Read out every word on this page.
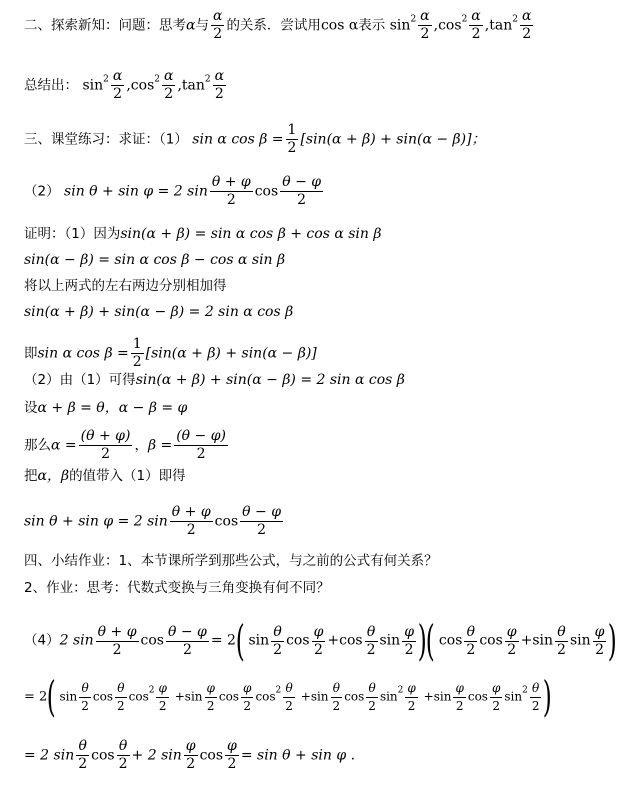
二、探索新知：问题：思考α与 $\frac{\alpha}{2}$ 的关系．尝试用cos α表示 $\sin^2 \frac{\alpha}{2} ,\cos^2 \frac{\alpha}{2} ,\tan^2 \frac{\alpha}{2}$
总结出： $\sin^2 \frac{\alpha}{2} ,\cos^2 \frac{\alpha}{2} ,\tan^2 \frac{\alpha}{2}$
三、课堂练习：求证：（1） sin α $\cos \beta = \frac{1}{2} [\sin(\alpha + \beta) + \sin(\alpha - \beta)]$；
（2） sin θ + sin φ = 2 $\sin \frac{\theta + \varphi}{2}$ $\cos \frac{\theta - \varphi}{2}$
证明：（1）因为sin(α + β) = sin α cos β + cos α sin β
sin(α − β) = sin α cos β − cos α sin β
将以上两式的左右两边分别相加得
sin(α + β) + sin(α − β) = 2 sin α cos β
即sin α $\cos \beta = \frac{1}{2} [\sin(\alpha + \beta) + \sin(\alpha - \beta)]$
（2）由（1）可得sin(α + β) + sin(α − β) = 2 sin α cos β
设α + β = θ，α − β = φ
那么$\alpha = \frac{(\theta + \varphi)}{2}$ ，$\beta = \frac{(\theta - \varphi)}{2}$
把α，β的值带入（1）即得
sin θ + sin φ = 2 $\sin \frac{\theta + \varphi}{2}$ $\cos \frac{\theta - \varphi}{2}$
四、小结作业：1、本节课所学到那些公式，与之前的公式有何关系？
2、作业：思考：代数式变换与三角变换有何不同？
（4）2 $\sin \frac{\theta + \varphi}{2}$ $\cos \frac{\theta - \varphi}{2} = 2$( $\sin \frac{\theta}{2}$ $\cos \frac{\varphi}{2} +\cos \frac{\theta}{2}$ $\sin \frac{\varphi}{2}$ )( $\cos \frac{\theta}{2}$ $\cos \frac{\varphi}{2} +\sin \frac{\theta}{2}$ $\sin \frac{\varphi}{2}$ )
= 2( $\sin \frac{\theta}{2}$ $\cos \frac{\theta}{2} \cos^2 \frac{\varphi}{2} +\sin \frac{\varphi}{2}$ $\cos \frac{\varphi}{2} \cos^2 \frac{\theta}{2} +\sin \frac{\theta}{2}$ $\cos \frac{\theta}{2} \sin^2 \frac{\varphi}{2} +\sin \frac{\varphi}{2}$ $\cos \frac{\varphi}{2} \sin^2 \frac{\theta}{2}$ )
= 2 $\sin \frac{\theta}{2}$ $\cos \frac{\theta}{2} + 2$ $\sin \frac{\varphi}{2}$ $\cos \frac{\varphi}{2} = \sin \theta + \sin \varphi$ .
